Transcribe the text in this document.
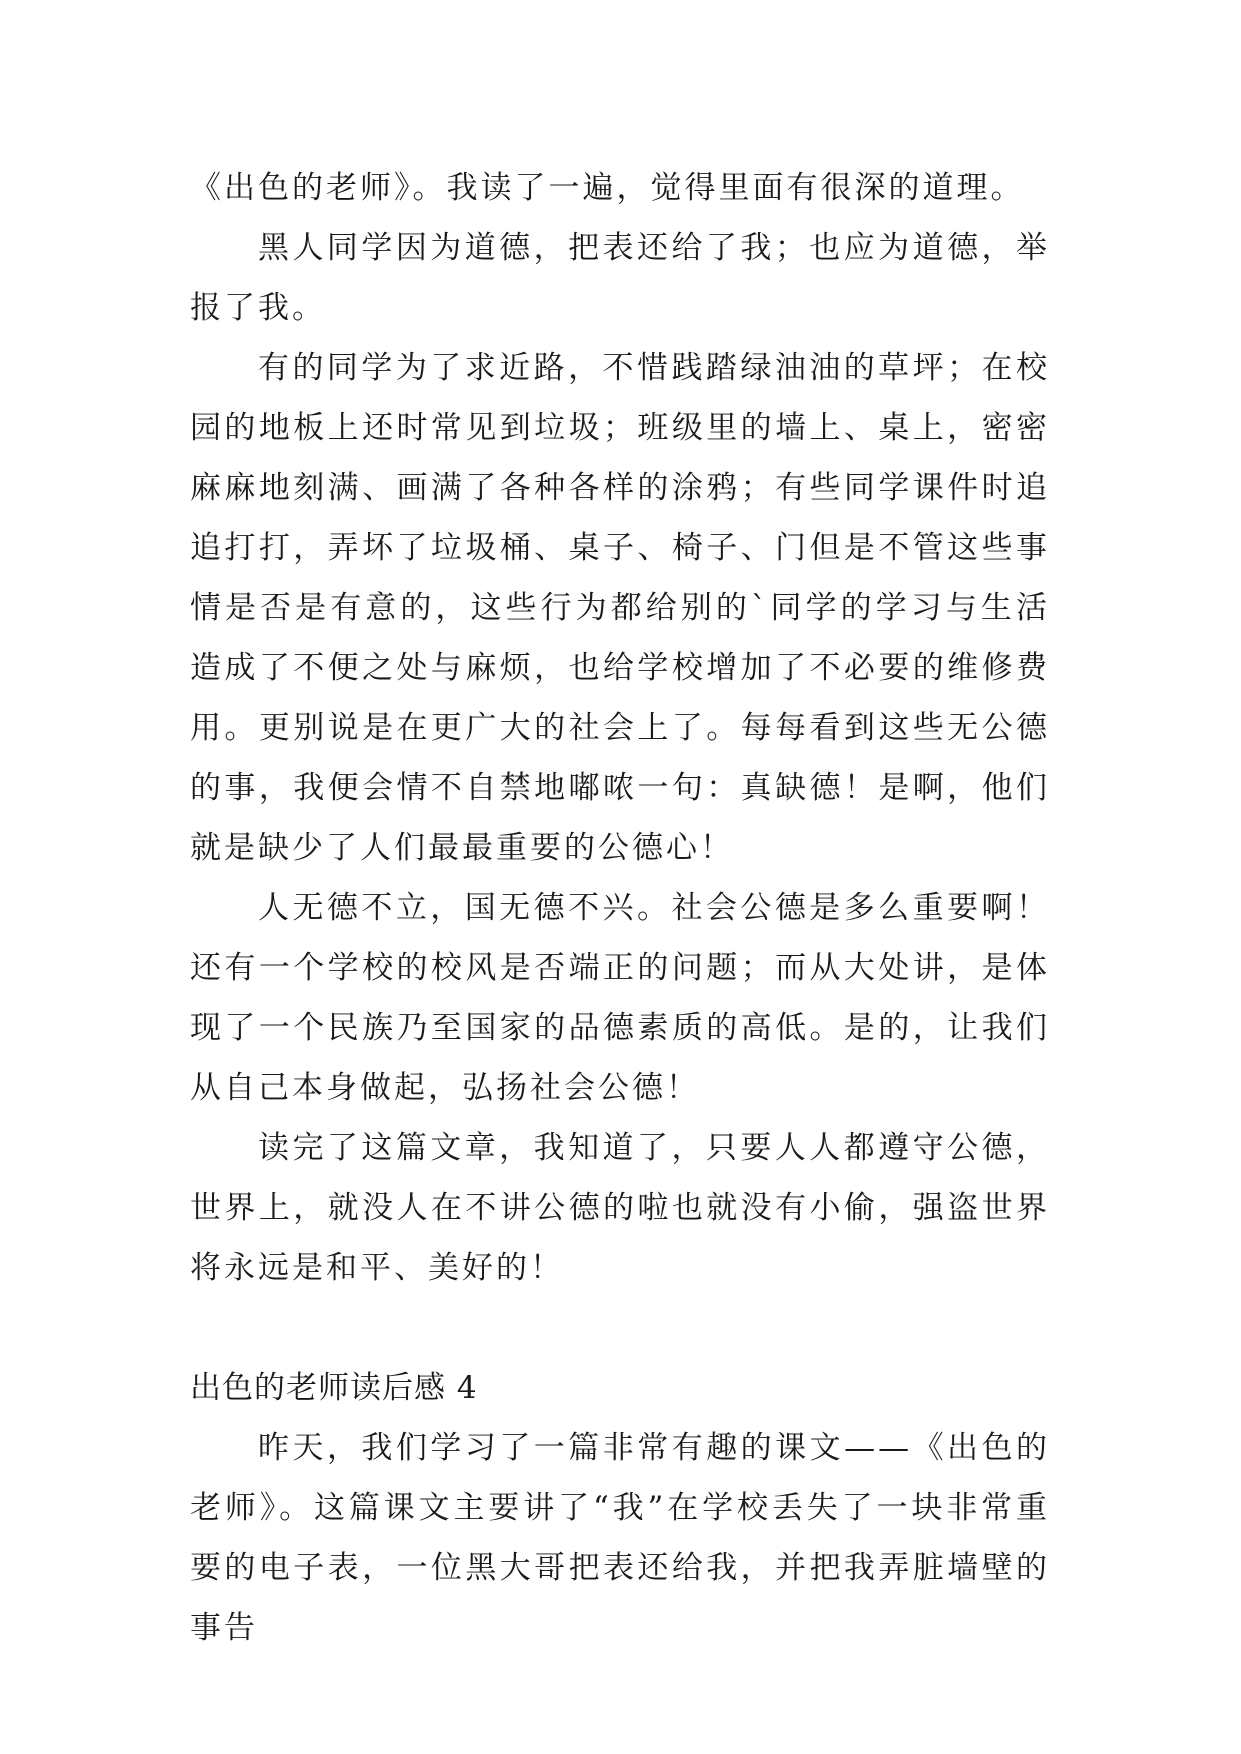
《出色的老师》。我读了一遍，觉得里面有很深的道理。

黑人同学因为道德，把表还给了我；也应为道德，举报了我。

有的同学为了求近路，不惜践踏绿油油的草坪；在校园的地板上还时常见到垃圾；班级里的墙上、桌上，密密麻麻地刻满、画满了各种各样的涂鸦；有些同学课件时追追打打，弄坏了垃圾桶、桌子、椅子、门但是不管这些事情是否是有意的，这些行为都给别的`同学的学习与生活造成了不便之处与麻烦，也给学校增加了不必要的维修费用。更别说是在更广大的社会上了。每每看到这些无公德的事，我便会情不自禁地嘟哝一句：真缺德！是啊，他们就是缺少了人们最最重要的公德心！

人无德不立，国无德不兴。社会公德是多么重要啊！还有一个学校的校风是否端正的问题；而从大处讲，是体现了一个民族乃至国家的品德素质的高低。是的，让我们从自己本身做起，弘扬社会公德！

读完了这篇文章，我知道了，只要人人都遵守公德，世界上，就没人在不讲公德的啦也就没有小偷，强盗世界将永远是和平、美好的！

出色的老师读后感 4

昨天，我们学习了一篇非常有趣的课文——《出色的老师》。这篇课文主要讲了“我”在学校丢失了一块非常重要的电子表，一位黑大哥把表还给我，并把我弄脏墙壁的事告
